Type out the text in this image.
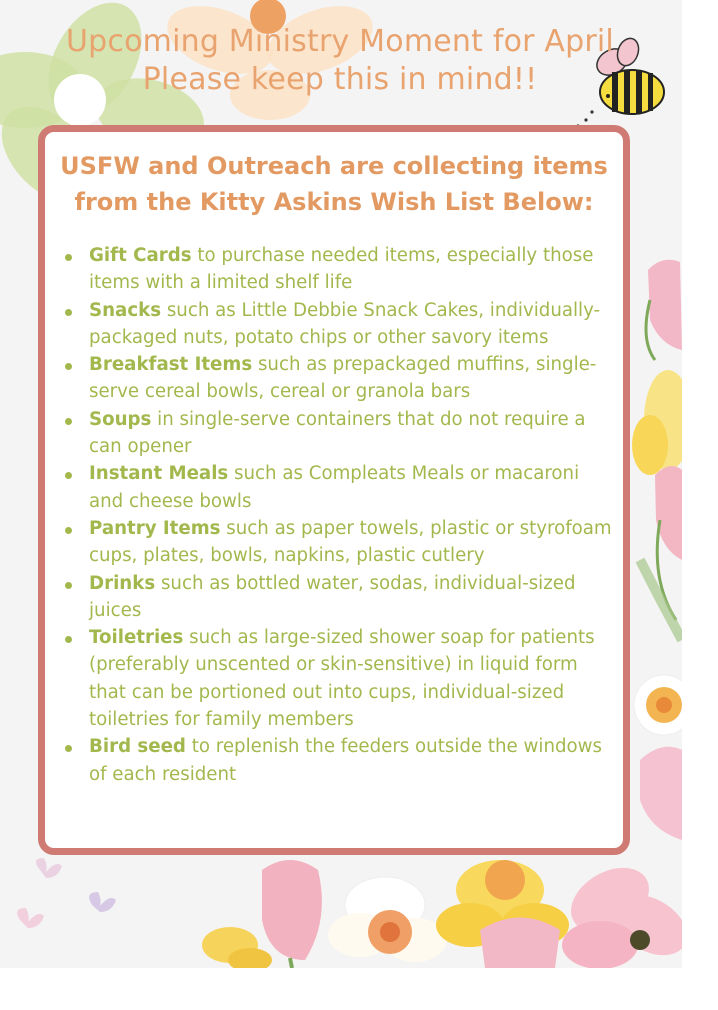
Upcoming Ministry Moment for April
Please keep this in mind!!
USFW and Outreach are collecting items
from the Kitty Askins Wish List Below:
Gift Cards to purchase needed items, especially those items with a limited shelf life
Snacks such as Little Debbie Snack Cakes, individually-packaged nuts, potato chips or other savory items
Breakfast Items such as prepackaged muffins, single-serve cereal bowls, cereal or granola bars
Soups in single-serve containers that do not require a can opener
Instant Meals such as Compleats Meals or macaroni and cheese bowls
Pantry Items such as paper towels, plastic or styrofoam cups, plates, bowls, napkins, plastic cutlery
Drinks such as bottled water, sodas, individual-sized juices
Toiletries such as large-sized shower soap for patients (preferably unscented or skin-sensitive) in liquid form that can be portioned out into cups, individual-sized toiletries for family members
Bird seed to replenish the feeders outside the windows of each resident
